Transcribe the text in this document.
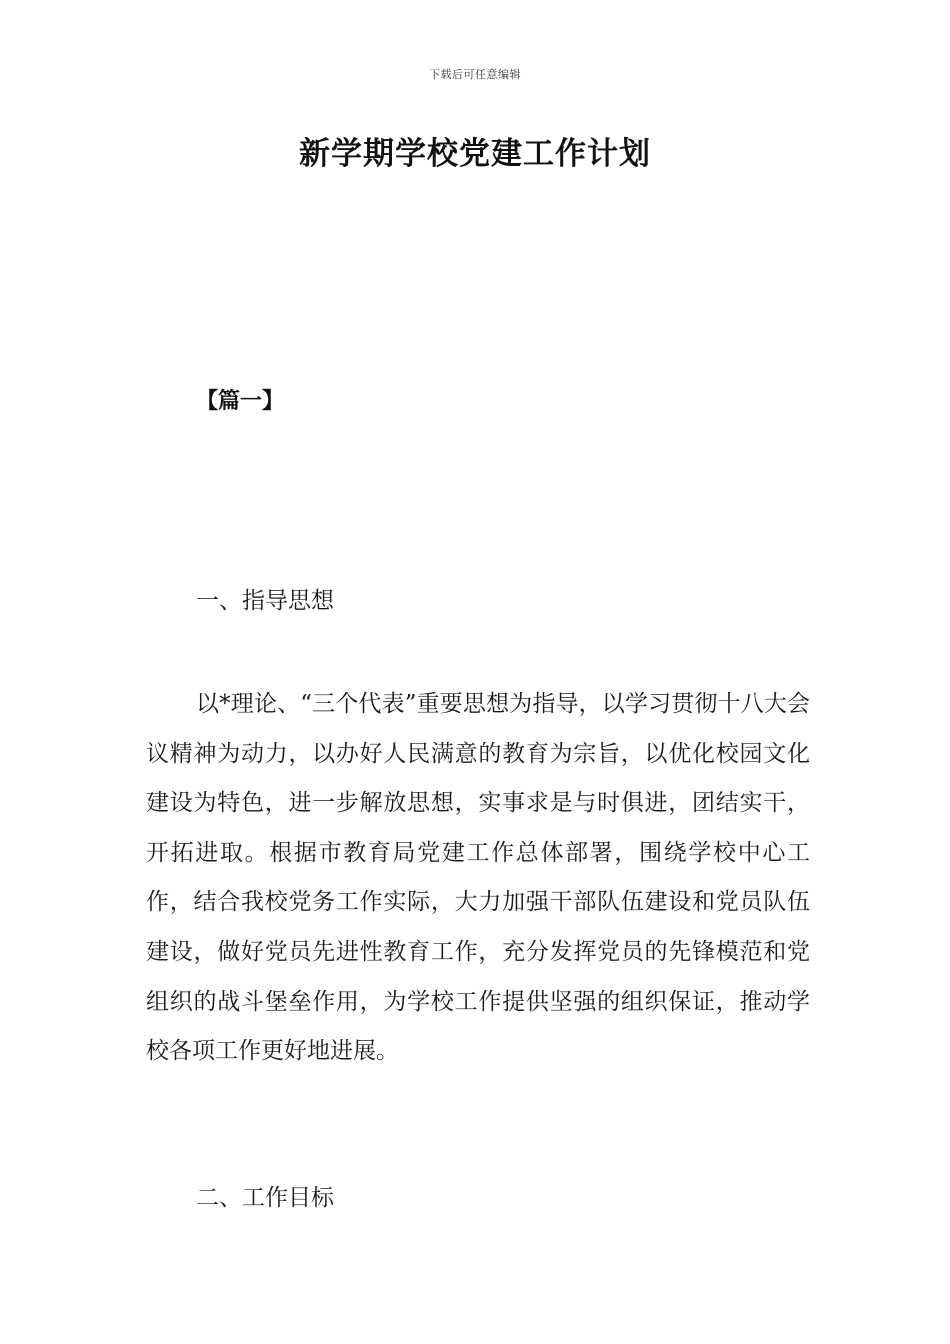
下载后可任意编辑
新学期学校党建工作计划
【篇一】
一、指导思想

以*理论、“三个代表”重要思想为指导，以学习贯彻十八大会议精神为动力，以办好人民满意的教育为宗旨，以优化校园文化建设为特色，进一步解放思想，实事求是与时俱进，团结实干，开拓进取。根据市教育局党建工作总体部署，围绕学校中心工作，结合我校党务工作实际，大力加强干部队伍建设和党员队伍建设，做好党员先进性教育工作，充分发挥党员的先锋模范和党组织的战斗堡垒作用，为学校工作提供坚强的组织保证，推动学校各项工作更好地进展。

二、工作目标
